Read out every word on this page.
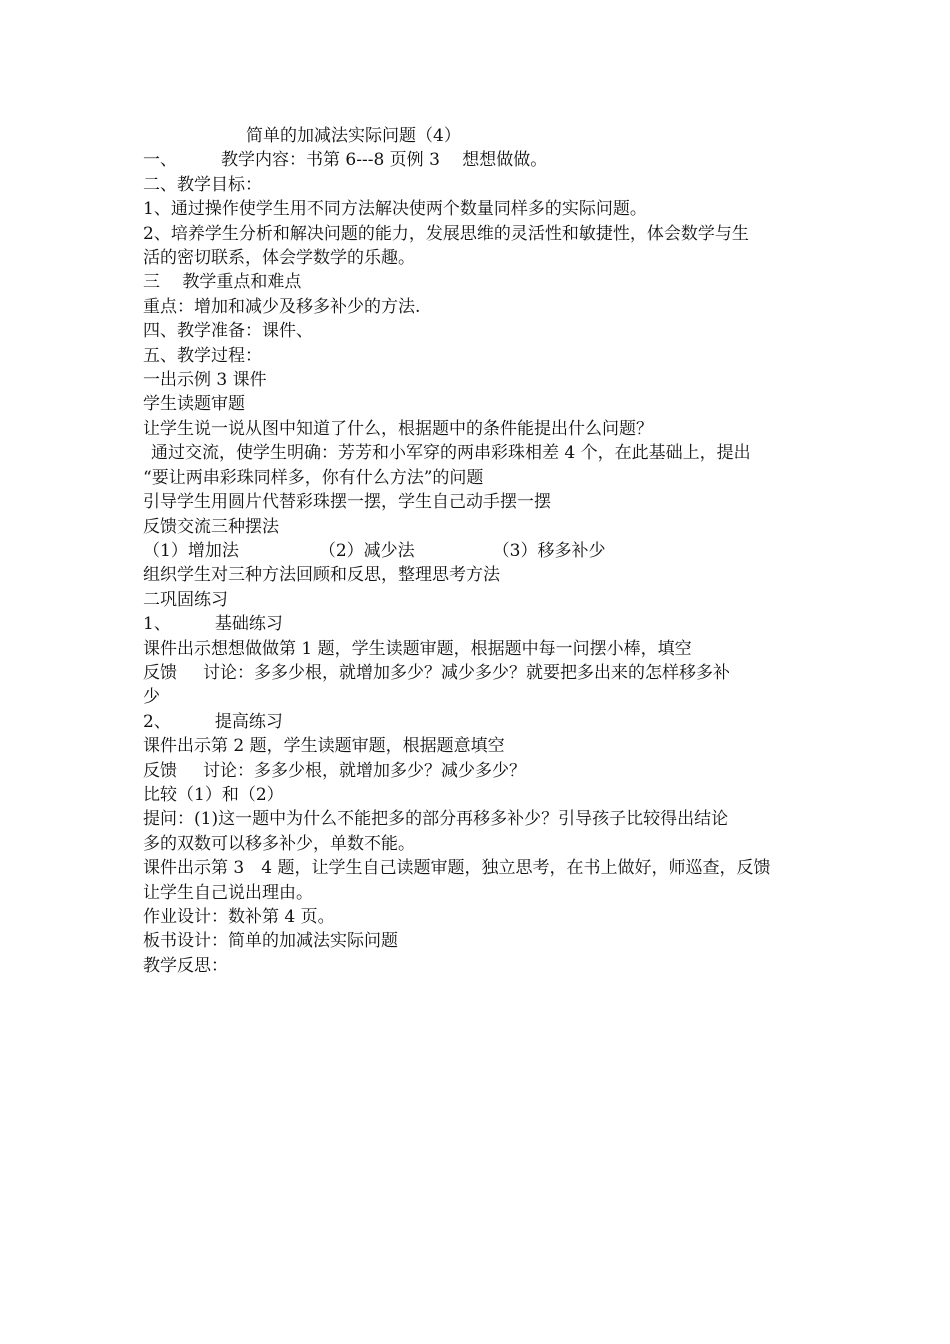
简单的加减法实际问题（4）

一、	教学内容：书第 6---8 页例 3　 想想做做。

二、教学目标：

1、通过操作使学生用不同方法解决使两个数量同样多的实际问题。

2、培养学生分析和解决问题的能力，发展思维的灵活性和敏捷性，体会数学与生

活的密切联系，体会学数学的乐趣。

三　 教学重点和难点

重点：增加和减少及移多补少的方法.

四、教学准备：课件、

五、教学过程：

一出示例 3 课件

学生读题审题

让学生说一说从图中知道了什么，根据题中的条件能提出什么问题？

通过交流，使学生明确：芳芳和小军穿的两串彩珠相差 4 个，在此基础上，提出

“要让两串彩珠同样多，你有什么方法”的问题

引导学生用圆片代替彩珠摆一摆，学生自己动手摆一摆

反馈交流三种摆法

（1）增加法	（2）减少法	（3）移多补少

组织学生对三种方法回顾和反思，整理思考方法

二巩固练习

1、	基础练习

课件出示想想做做第 1 题，学生读题审题，根据题中每一问摆小棒，填空

反馈 讨论：多多少根，就增加多少？减少多少？就要把多出来的怎样移多补

少

2、	提高练习

课件出示第 2 题，学生读题审题，根据题意填空

反馈 讨论：多多少根，就增加多少？减少多少？

比较（1）和（2）

提问：(1)这一题中为什么不能把多的部分再移多补少？引导孩子比较得出结论

多的双数可以移多补少，单数不能。

课件出示第 3　4 题，让学生自己读题审题，独立思考，在书上做好，师巡查，反馈

让学生自己说出理由。

作业设计：数补第 4 页。

板书设计：简单的加减法实际问题

教学反思：
